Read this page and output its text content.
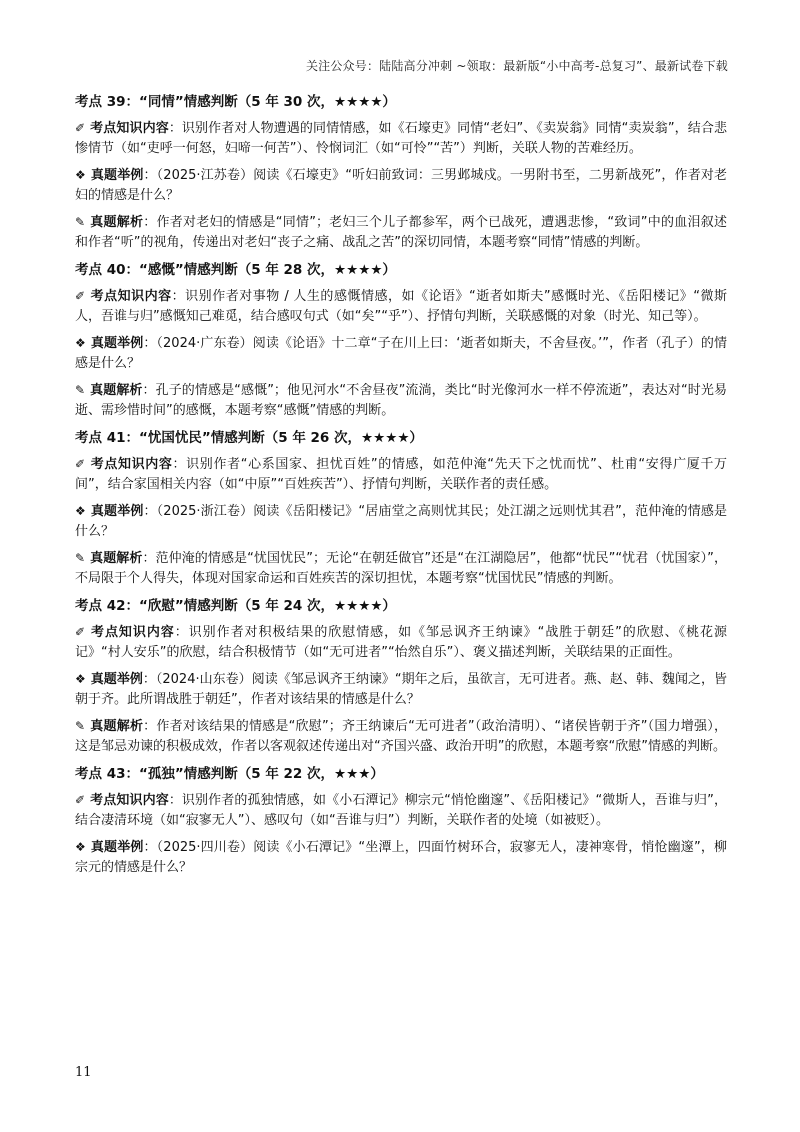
关注公众号：陆陆高分冲刺 ~领取：最新版“小中高考-总复习”、最新试卷下载
考点 39：“同情”情感判断（5 年 30 次，★★★★）

✐ 考点知识内容：识别作者对人物遭遇的同情情感，如《石壕吏》同情“老妇”、《卖炭翁》同情“卖炭翁”，结合悲惨情节（如“吏呼一何怒，妇啼一何苦”）、怜悯词汇（如“可怜”“苦”）判断，关联人物的苦难经历。

❖ 真题举例：（2025·江苏卷）阅读《石壕吏》“听妇前致词：三男邺城戍。一男附书至，二男新战死”，作者对老妇的情感是什么？

✎ 真题解析：作者对老妇的情感是“同情”；老妇三个儿子都参军，两个已战死，遭遇悲惨，“致词”中的血泪叙述和作者“听”的视角，传递出对老妇“丧子之痛、战乱之苦”的深切同情，本题考察“同情”情感的判断。

考点 40：“感慨”情感判断（5 年 28 次，★★★★）

✐ 考点知识内容：识别作者对事物 / 人生的感慨情感，如《论语》“逝者如斯夫”感慨时光、《岳阳楼记》“微斯人，吾谁与归”感慨知己难觅，结合感叹句式（如“矣”“乎”）、抒情句判断，关联感慨的对象（时光、知己等）。

❖ 真题举例：（2024·广东卷）阅读《论语》十二章“子在川上曰：‘逝者如斯夫，不舍昼夜。’”，作者（孔子）的情感是什么？

✎ 真题解析：孔子的情感是“感慨”；他见河水“不舍昼夜”流淌，类比“时光像河水一样不停流逝”，表达对“时光易逝、需珍惜时间”的感慨，本题考察“感慨”情感的判断。

考点 41：“忧国忧民”情感判断（5 年 26 次，★★★★）

✐ 考点知识内容：识别作者“心系国家、担忧百姓”的情感，如范仲淹“先天下之忧而忧”、杜甫“安得广厦千万间”，结合家国相关内容（如“中原”“百姓疾苦”）、抒情句判断，关联作者的责任感。

❖ 真题举例：（2025·浙江卷）阅读《岳阳楼记》“居庙堂之高则忧其民；处江湖之远则忧其君”，范仲淹的情感是什么？

✎ 真题解析：范仲淹的情感是“忧国忧民”；无论“在朝廷做官”还是“在江湖隐居”，他都“忧民”“忧君（忧国家）”，不局限于个人得失，体现对国家命运和百姓疾苦的深切担忧，本题考察“忧国忧民”情感的判断。

考点 42：“欣慰”情感判断（5 年 24 次，★★★★）

✐ 考点知识内容：识别作者对积极结果的欣慰情感，如《邹忌讽齐王纳谏》“战胜于朝廷”的欣慰、《桃花源记》“村人安乐”的欣慰，结合积极情节（如“无可进者”“怡然自乐”）、褒义描述判断，关联结果的正面性。

❖ 真题举例：（2024·山东卷）阅读《邹忌讽齐王纳谏》“期年之后，虽欲言，无可进者。燕、赵、韩、魏闻之，皆朝于齐。此所谓战胜于朝廷”，作者对该结果的情感是什么？

✎ 真题解析：作者对该结果的情感是“欣慰”；齐王纳谏后“无可进者”（政治清明）、“诸侯皆朝于齐”（国力增强），这是邹忌劝谏的积极成效，作者以客观叙述传递出对“齐国兴盛、政治开明”的欣慰，本题考察“欣慰”情感的判断。

考点 43：“孤独”情感判断（5 年 22 次，★★★）

✐ 考点知识内容：识别作者的孤独情感，如《小石潭记》柳宗元“悄怆幽邃”、《岳阳楼记》“微斯人，吾谁与归”，结合凄清环境（如“寂寥无人”）、感叹句（如“吾谁与归”）判断，关联作者的处境（如被贬）。

❖ 真题举例：（2025·四川卷）阅读《小石潭记》“坐潭上，四面竹树环合，寂寥无人，凄神寒骨，悄怆幽邃”，柳宗元的情感是什么？

11
